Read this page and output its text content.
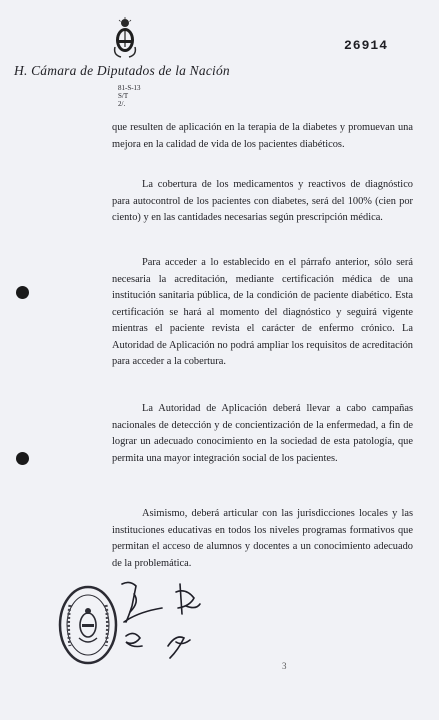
26914
H. Cámara de Diputados de la Nación
81-S-13
S/T
2/.

que resulten de aplicación en la terapia de la diabetes y promuevan una mejora en la calidad de vida de los pacientes diabéticos.

La cobertura de los medicamentos y reactivos de diagnóstico para autocontrol de los pacientes con diabetes, será del 100% (cien por ciento) y en las cantidades necesarias según prescripción médica.

Para acceder a lo establecido en el párrafo anterior, sólo será necesaria la acreditación, mediante certificación médica de una institución sanitaria pública, de la condición de paciente diabético. Esta certificación se hará al momento del diagnóstico y seguirá vigente mientras el paciente revista el carácter de enfermo crónico. La Autoridad de Aplicación no podrá ampliar los requisitos de acreditación para acceder a la cobertura.

La Autoridad de Aplicación deberá llevar a cabo campañas nacionales de detección y de concientización de la enfermedad, a fin de lograr un adecuado conocimiento en la sociedad de esta patología, que permita una mayor integración social de los pacientes.

Asimismo, deberá articular con las jurisdicciones locales y las instituciones educativas en todos los niveles programas formativos que permitan el acceso de alumnos y docentes a un conocimiento adecuado de la problemática.

3
